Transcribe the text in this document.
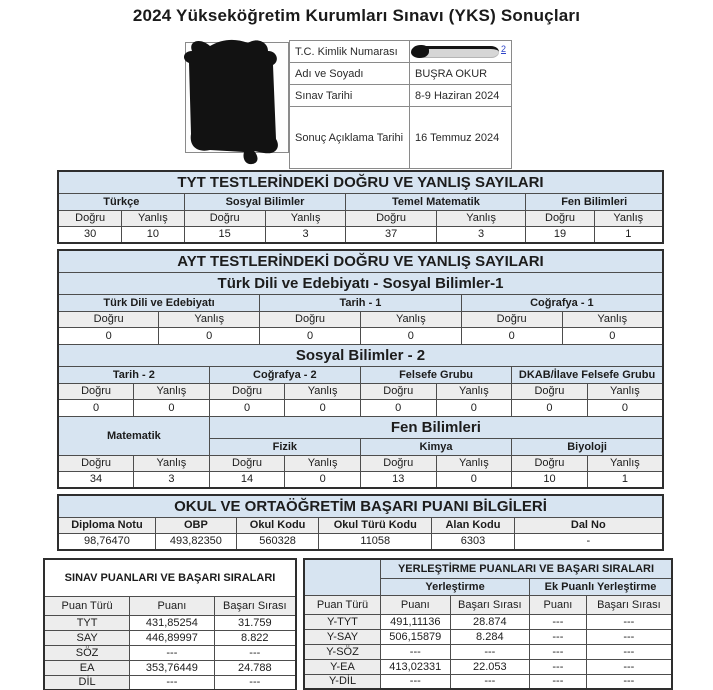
2024 Yükseköğretim Kurumları Sınavı (YKS) Sonuçları
T.C. Kimlik Numarası	2

Adı ve Soyadı	BUŞRA OKUR
Sınav Tarihi	8-9 Haziran 2024
Sonuç Açıklama Tarihi	16 Temmuz 2024
TYT TESTLERİNDEKİ DOĞRU VE YANLIŞ SAYILARI							
Türkçe		Sosyal Bilimler		Temel Matematik		Fen Bilimleri	
Doğru	Yanlış	Doğru	Yanlış	Doğru	Yanlış	Doğru	Yanlış
30	10	15	3	37	3	19	1
AYT TESTLERİNDEKİ DOĞRU VE YANLIŞ SAYILARI											
Türk Dili ve Edebiyatı - Sosyal Bilimler-1											
Türk Dili ve Edebiyatı				Tarih - 1				Coğrafya - 1			
Doğru		Yanlış		Doğru		Yanlış		Doğru		Yanlış	
0		0		0		0		0		0	
Sosyal Bilimler - 2											
Tarih - 2			Coğrafya - 2			Felsefe Grubu			DKAB/İlave Felsefe Grubu		
Doğru	Yanlış		Doğru		Yanlış	Doğru	Yanlış		Doğru		Yanlış
0	0		0		0	0	0		0		0
Matematik			Fen Bilimleri								
			Fizik			Kimya			Biyoloji		
Doğru	Yanlış		Doğru		Yanlış	Doğru	Yanlış		Doğru		Yanlış
34	3		14		0	13	0		10		1
OKUL VE ORTAÖĞRETİM BAŞARI PUANI BİLGİLERİ					
Diploma Notu	OBP	Okul Kodu	Okul Türü Kodu	Alan Kodu	Dal No
98,76470	493,82350	560328	11058	6303	-
SINAV PUANLARI VE BAŞARI SIRALARI		
Puan Türü	Puanı	Başarı Sırası
TYT	431,85254	31.759
SAY	446,89997	8.822
SÖZ	---	---
EA	353,76449	24.788
DİL	---	---
	YERLEŞTİRME PUANLARI VE BAŞARI SIRALARI			
	Yerleştirme		Ek Puanlı Yerleştirme	
Puan Türü	Puanı	Başarı Sırası	Puanı	Başarı Sırası
Y-TYT	491,11136	28.874	---	---
Y-SAY	506,15879	8.284	---	---
Y-SÖZ	---	---	---	---
Y-EA	413,02331	22.053	---	---
Y-DİL	---	---	---	---
